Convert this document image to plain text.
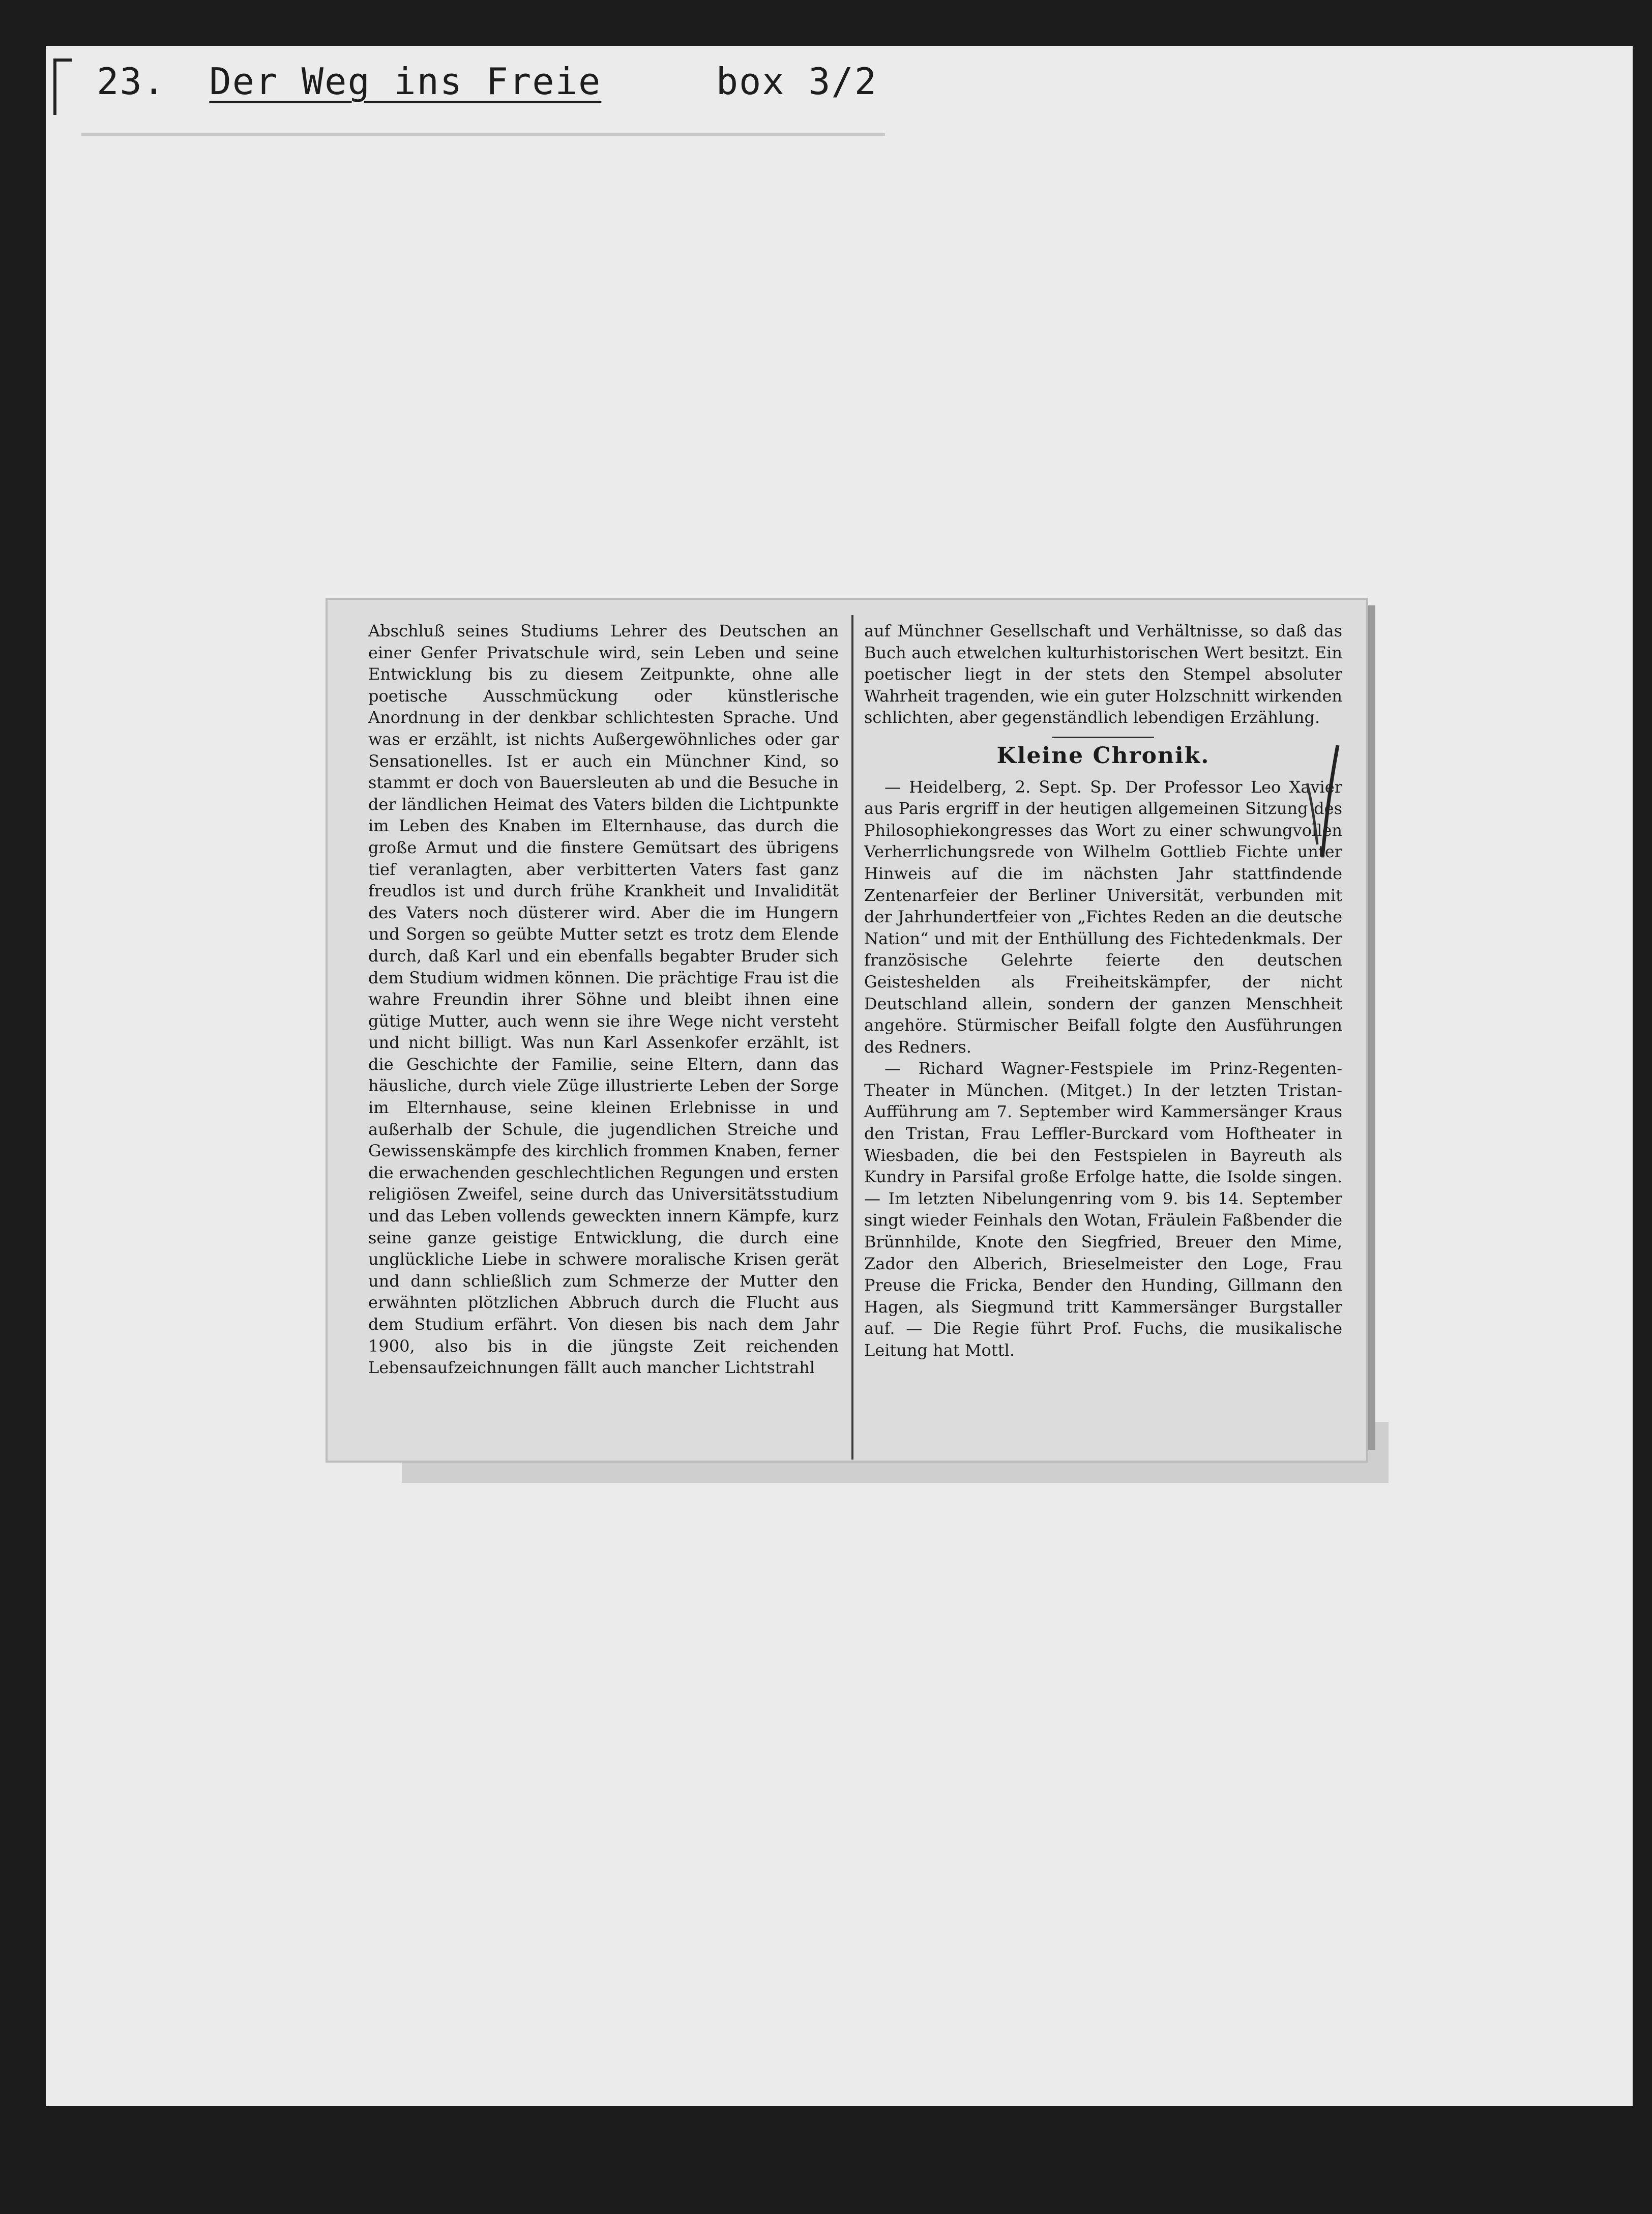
23. Der Weg ins Freie	box 3/2

Abschluß seines Studiums Lehrer des Deutschen an einer Genfer Privatschule wird, sein Leben und seine Entwicklung bis zu diesem Zeitpunkte, ohne alle poetische Ausschmückung oder künstlerische Anordnung in der denkbar schlichtesten Sprache. Und was er erzählt, ist nichts Außergewöhnliches oder gar Sensationelles. Ist er auch ein Münchner Kind, so stammt er doch von Bauersleuten ab und die Besuche in der ländlichen Heimat des Vaters bilden die Lichtpunkte im Leben des Knaben im Elternhause, das durch die große Armut und die finstere Gemütsart des übrigens tief veranlagten, aber verbitterten Vaters fast ganz freudlos ist und durch frühe Krankheit und Invalidität des Vaters noch düsterer wird. Aber die im Hungern und Sorgen so geübte Mutter setzt es trotz dem Elende durch, daß Karl und ein ebenfalls begabter Bruder sich dem Studium widmen können. Die prächtige Frau ist die wahre Freundin ihrer Söhne und bleibt ihnen eine gütige Mutter, auch wenn sie ihre Wege nicht versteht und nicht billigt. Was nun Karl Assenkofer erzählt, ist die Geschichte der Familie, seine Eltern, dann das häusliche, durch viele Züge illustrierte Leben der Sorge im Elternhause, seine kleinen Erlebnisse in und außerhalb der Schule, die jugendlichen Streiche und Gewissenskämpfe des kirchlich frommen Knaben, ferner die erwachenden geschlechtlichen Regungen und ersten religiösen Zweifel, seine durch das Universitätsstudium und das Leben vollends geweckten innern Kämpfe, kurz seine ganze geistige Entwicklung, die durch eine unglückliche Liebe in schwere moralische Krisen gerät und dann schließlich zum Schmerze der Mutter den erwähnten plötzlichen Abbruch durch die Flucht aus dem Studium erfährt. Von diesen bis nach dem Jahr 1900, also bis in die jüngste Zeit reichenden Lebensaufzeichnungen fällt auch mancher Lichtstrahl

auf Münchner Gesellschaft und Verhältnisse, so daß das Buch auch etwelchen kulturhistorischen Wert besitzt. Ein poetischer liegt in der stets den Stempel absoluter Wahrheit tragenden, wie ein guter Holzschnitt wirkenden schlichten, aber gegenständlich lebendigen Erzählung.

Kleine Chronik.

— Heidelberg, 2. Sept. Sp. Der Professor Leo Xavier aus Paris ergriff in der heutigen allgemeinen Sitzung des Philosophiekongresses das Wort zu einer schwungvollen Verherrlichungsrede von Wilhelm Gottlieb Fichte unter Hinweis auf die im nächsten Jahr stattfindende Zentenarfeier der Berliner Universität, verbunden mit der Jahrhundertfeier von „Fichtes Reden an die deutsche Nation“ und mit der Enthüllung des Fichtedenkmals. Der französische Gelehrte feierte den deutschen Geisteshelden als Freiheitskämpfer, der nicht Deutschland allein, sondern der ganzen Menschheit angehöre. Stürmischer Beifall folgte den Ausführungen des Redners.

— Richard Wagner-Festspiele im Prinz-Regenten-Theater in München. (Mitget.) In der letzten Tristan-Aufführung am 7. September wird Kammersänger Kraus den Tristan, Frau Leffler-Burckard vom Hoftheater in Wiesbaden, die bei den Festspielen in Bayreuth als Kundry in Parsifal große Erfolge hatte, die Isolde singen. — Im letzten Nibelungenring vom 9. bis 14. September singt wieder Feinhals den Wotan, Fräulein Faßbender die Brünnhilde, Knote den Siegfried, Breuer den Mime, Zador den Alberich, Brieselmeister den Loge, Frau Preuse die Fricka, Bender den Hunding, Gillmann den Hagen, als Siegmund tritt Kammersänger Burgstaller auf. — Die Regie führt Prof. Fuchs, die musikalische Leitung hat Mottl.
